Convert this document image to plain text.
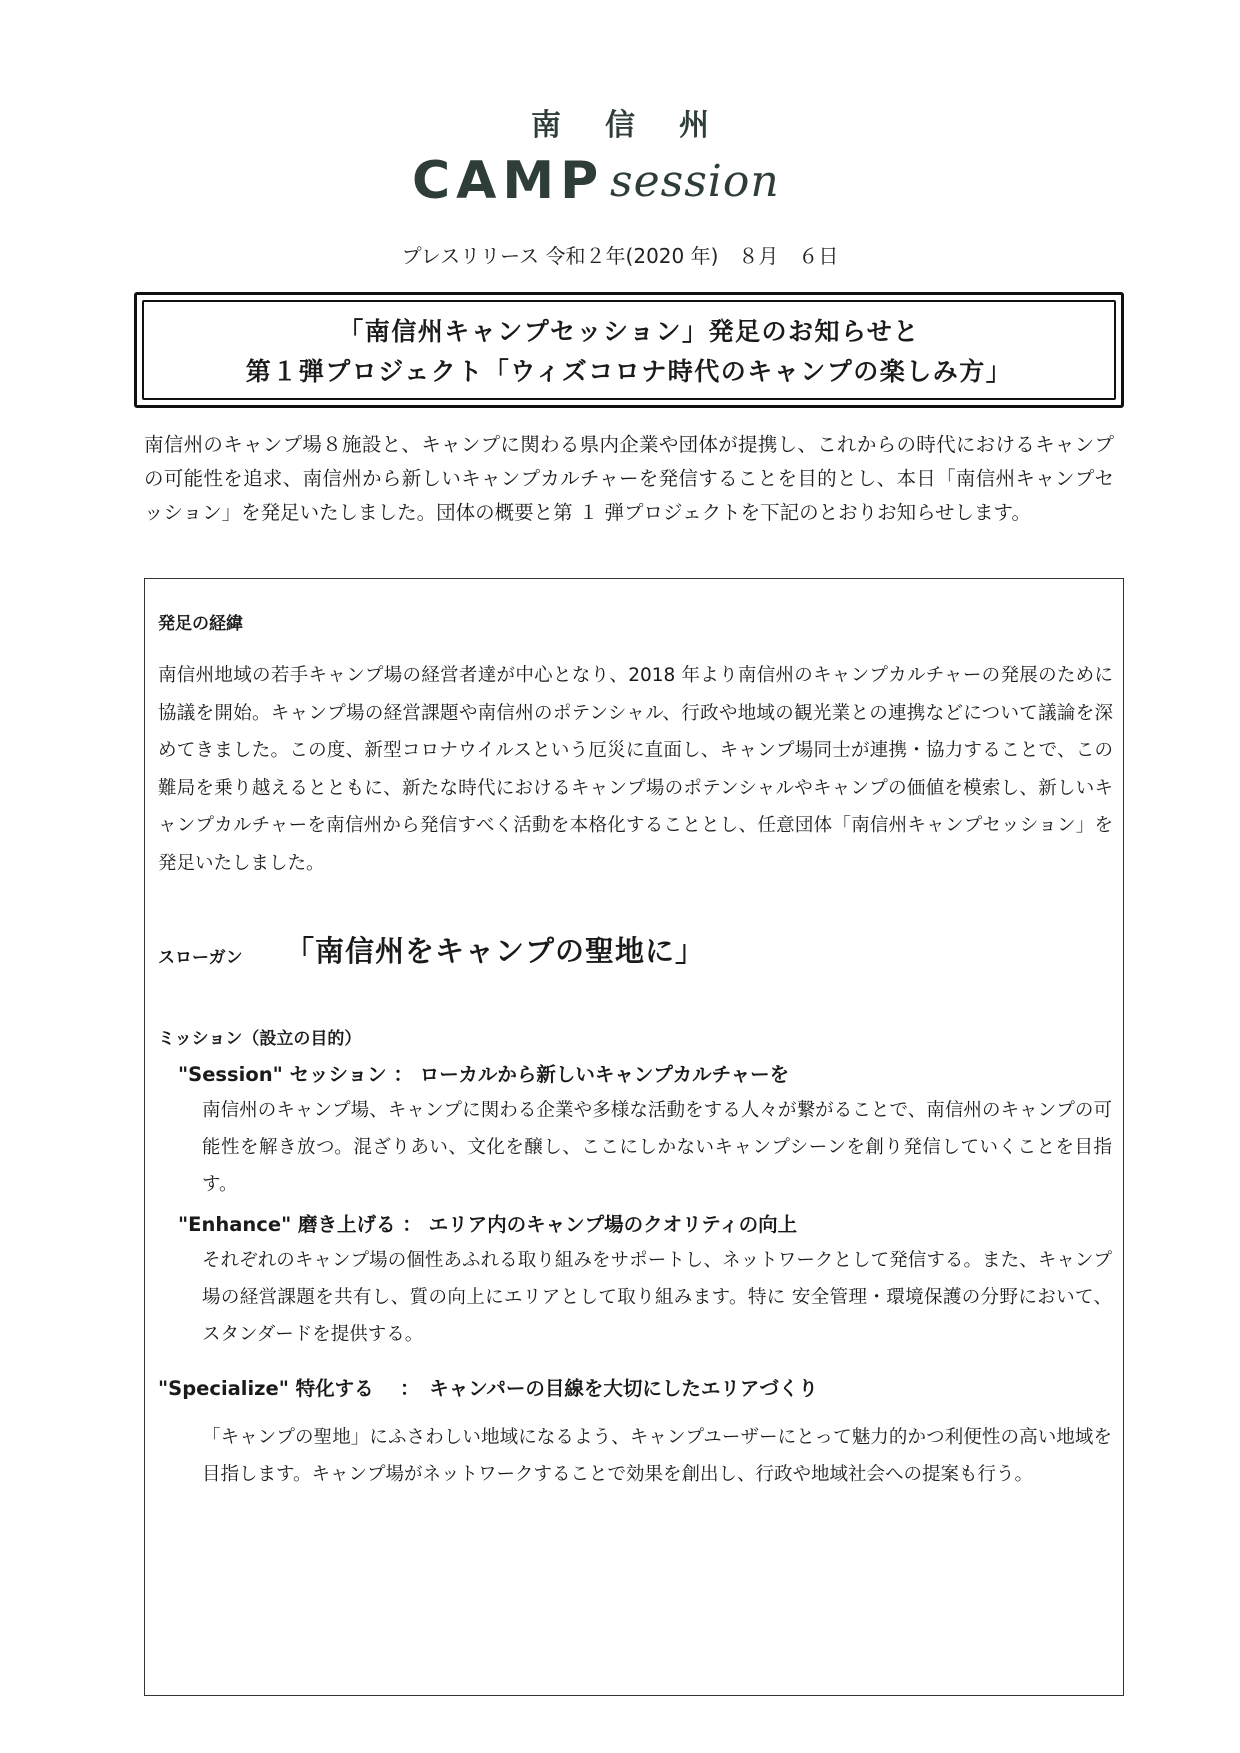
南信州
CAMP session
プレスリリース 令和２年(2020 年)　８月　６日
「南信州キャンプセッション」発足のお知らせと
第１弾プロジェクト「ウィズコロナ時代のキャンプの楽しみ方」
南信州のキャンプ場８施設と、キャンプに関わる県内企業や団体が提携し、これからの時代におけるキャンプの可能性を追求、南信州から新しいキャンプカルチャーを発信することを目的とし、本日「南信州キャンプセッション」を発足いたしました。団体の概要と第 １ 弾プロジェクトを下記のとおりお知らせします。
発足の経緯
南信州地域の若手キャンプ場の経営者達が中心となり、2018 年より南信州のキャンプカルチャーの発展のために協議を開始。キャンプ場の経営課題や南信州のポテンシャル、行政や地域の観光業との連携などについて議論を深めてきました。この度、新型コロナウイルスという厄災に直面し、キャンプ場同士が連携・協力することで、この難局を乗り越えるとともに、新たな時代におけるキャンプ場のポテンシャルやキャンプの価値を模索し、新しいキャンプカルチャーを南信州から発信すべく活動を本格化することとし、任意団体「南信州キャンプセッション」を発足いたしました。
スローガン 「南信州をキャンプの聖地に」
ミッション（設立の目的）
"Session" セッション ： ローカルから新しいキャンプカルチャーを
南信州のキャンプ場、キャンプに関わる企業や多様な活動をする人々が繋がることで、南信州のキャンプの可能性を解き放つ。混ざりあい、文化を醸し、ここにしかないキャンプシーンを創り発信していくことを目指す。
"Enhance" 磨き上げる ： エリア内のキャンプ場のクオリティの向上
それぞれのキャンプ場の個性あふれる取り組みをサポートし、ネットワークとして発信する。また、キャンプ場の経営課題を共有し、質の向上にエリアとして取り組みます。特に 安全管理・環境保護の分野において、スタンダードを提供する。
"Specialize" 特化する　 ：　キャンパーの目線を大切にしたエリアづくり
「キャンプの聖地」にふさわしい地域になるよう、キャンプユーザーにとって魅力的かつ利便性の高い地域を目指します。キャンプ場がネットワークすることで効果を創出し、行政や地域社会への提案も行う。
